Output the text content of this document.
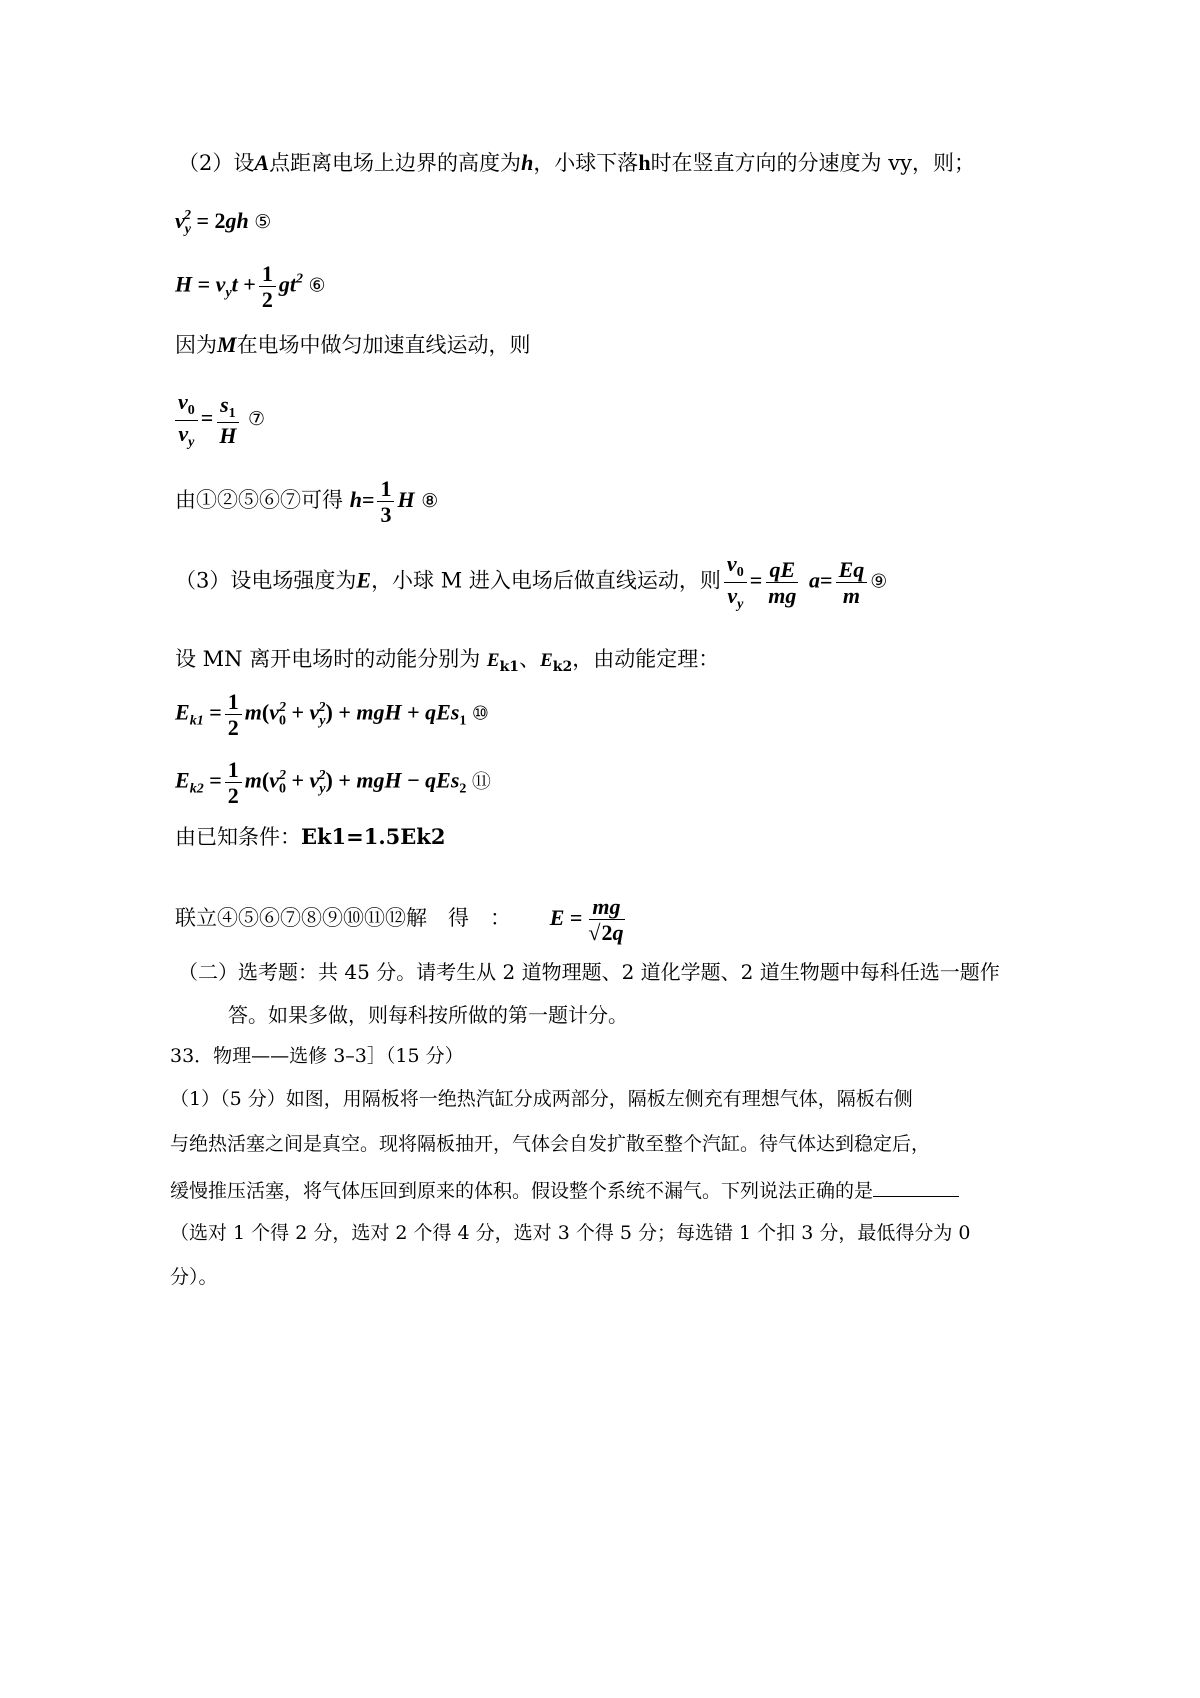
（2）设A点距离电场上边界的高度为h，小球下落h时在竖直方向的分速度为 vy，则；
$v_y^2 = 2gh$ ⑤
$H = v_yt + \frac{1}{2} gt^2$ ⑥
因为M在电场中做匀加速直线运动，则
$\frac{v_0}{v_y} = \frac{s_1}{H}$ ⑦
由①②⑤⑥⑦可得 $h= \frac{1}{3}$ H ⑧
（3）设电场强度为E，小球 M 进入电场后做直线运动，则 $\frac{v_0}{v_y} = \frac{qE}{mg} a= \frac{Eq}{m}$ ⑨
设 MN 离开电场时的动能分别为 $E_{k1}$、$E_{k2}$，由动能定理：
$E_{k1} = \frac{1}{2} m(v_0^2 + v_y^2)$ + mgH + qEs$_1$ ⑩
$E_{k2} = \frac{1}{2} m(v_0^2 + v_y^2)$ + mgH − qEs$_2$ ⑪
由已知条件：Ek1=1.5Ek2
联立④⑤⑥⑦⑧⑨⑩⑪⑫解　得　： $E = \frac{mg}{√2q}$
（二）选考题：共 45 分。请考生从 2 道物理题、2 道化学题、2 道生物题中每科任选一题作
答。如果多做，则每科按所做的第一题计分。
33．物理——选修 3–3］（15 分）
（1）（5 分）如图，用隔板将一绝热汽缸分成两部分，隔板左侧充有理想气体，隔板右侧
与绝热活塞之间是真空。现将隔板抽开，气体会自发扩散至整个汽缸。待气体达到稳定后，
缓慢推压活塞，将气体压回到原来的体积。假设整个系统不漏气。下列说法正确的是
（选对 1 个得 2 分，选对 2 个得 4 分，选对 3 个得 5 分；每选错 1 个扣 3 分，最低得分为 0
分）。
